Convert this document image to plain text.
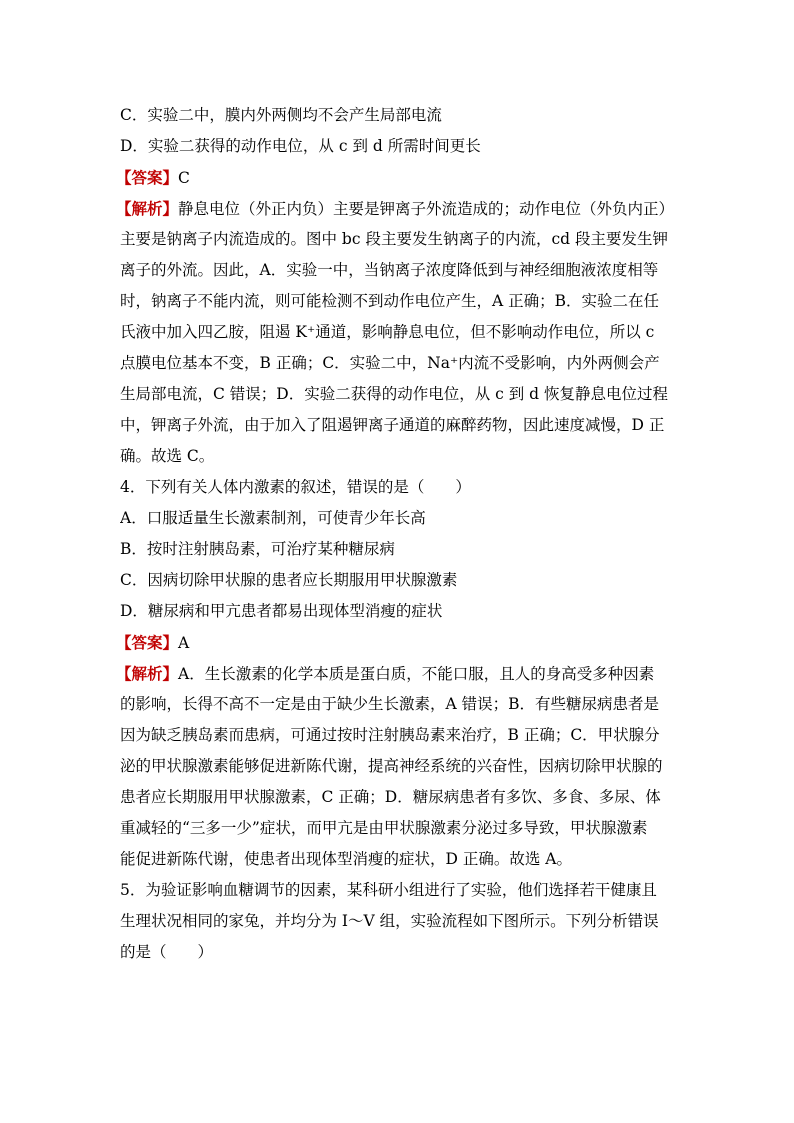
C．实验二中，膜内外两侧均不会产生局部电流
D．实验二获得的动作电位，从 c 到 d 所需时间更长
【答案】C
【解析】静息电位（外正内负）主要是钾离子外流造成的；动作电位（外负内正）
主要是钠离子内流造成的。图中 bc 段主要发生钠离子的内流，cd 段主要发生钾
离子的外流。因此，A．实验一中，当钠离子浓度降低到与神经细胞液浓度相等
时，钠离子不能内流，则可能检测不到动作电位产生，A 正确；B．实验二在任
氏液中加入四乙胺，阻遏 K⁺通道，影响静息电位，但不影响动作电位，所以 c
点膜电位基本不变，B 正确；C．实验二中，Na⁺内流不受影响，内外两侧会产
生局部电流，C 错误；D．实验二获得的动作电位，从 c 到 d 恢复静息电位过程
中，钾离子外流，由于加入了阻遏钾离子通道的麻醉药物，因此速度减慢，D 正
确。故选 C。
4．下列有关人体内激素的叙述，错误的是（　　）
A．口服适量生长激素制剂，可使青少年长高
B．按时注射胰岛素，可治疗某种糖尿病
C．因病切除甲状腺的患者应长期服用甲状腺激素
D．糖尿病和甲亢患者都易出现体型消瘦的症状
【答案】A
【解析】A．生长激素的化学本质是蛋白质，不能口服，且人的身高受多种因素
的影响，长得不高不一定是由于缺少生长激素，A 错误；B．有些糖尿病患者是
因为缺乏胰岛素而患病，可通过按时注射胰岛素来治疗，B 正确；C．甲状腺分
泌的甲状腺激素能够促进新陈代谢，提高神经系统的兴奋性，因病切除甲状腺的
患者应长期服用甲状腺激素，C 正确；D．糖尿病患者有多饮、多食、多尿、体
重减轻的“三多一少”症状，而甲亢是由甲状腺激素分泌过多导致，甲状腺激素
能促进新陈代谢，使患者出现体型消瘦的症状，D 正确。故选 A。
5．为验证影响血糖调节的因素，某科研小组进行了实验，他们选择若干健康且
生理状况相同的家兔，并均分为 I～V 组，实验流程如下图所示。下列分析错误
的是（　　）
